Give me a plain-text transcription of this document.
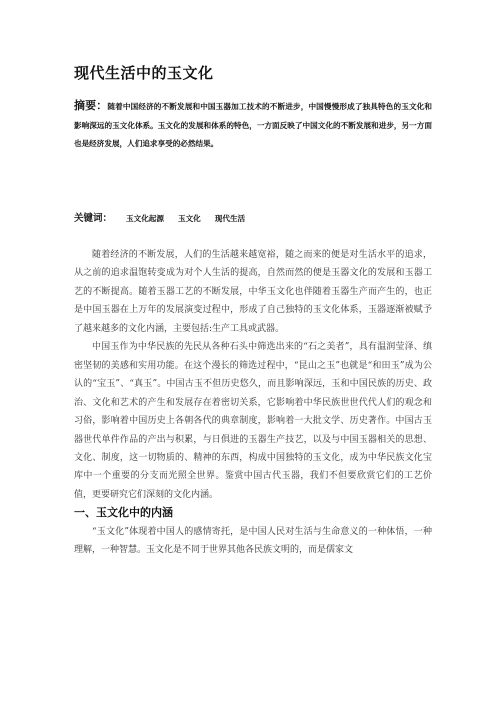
现代生活中的玉文化
摘要：随着中国经济的不断发展和中国玉器加工技术的不断进步，中国慢慢形成了独具特色的玉文化和影响深远的玉文化体系。玉文化的发展和体系的特色，一方面反映了中国文化的不断发展和进步，另一方面也是经济发展，人们追求享受的必然结果。
关键词： 玉文化起源 玉文化 现代生活

随着经济的不断发展，人们的生活越来越宽裕，随之而来的便是对生活水平的追求，从之前的追求温饱转变成为对个人生活的提高，自然而然的便是玉器文化的发展和玉器工艺的不断提高。随着玉器工艺的不断发展，中华玉文化也伴随着玉器生产而产生的，也正是中国玉器在上万年的发展演变过程中，形成了自己独特的玉文化体系，玉器逐渐被赋予了越来越多的文化内涵，主要包括:生产工具或武器。

中国玉作为中华民族的先民从各种石头中筛选出来的“石之美者”，具有温润莹泽、缜密坚韧的美感和实用功能。在这个漫长的筛选过程中，“昆山之玉”也就是“和田玉”成为公认的“宝玉”、“真玉”。中国古玉不但历史悠久，而且影响深远，玉和中国民族的历史、政治、文化和艺术的产生和发展存在着密切关系，它影响着中华民族世世代代人们的观念和习俗，影响着中国历史上各朝各代的典章制度，影响着一大批文学、历史著作。中国古玉器世代单件作品的产出与积累，与日俱进的玉器生产技艺，以及与中国玉器相关的思想、文化、制度，这一切物质的、精神的东西，构成中国独特的玉文化，成为中华民族文化宝库中一个重要的分支而光照全世界。鉴赏中国古代玉器，我们不但要欣赏它们的工艺价值，更要研究它们深刻的文化内涵。

一、玉文化中的内涵

“玉文化”体现着中国人的感情寄托，是中国人民对生活与生命意义的一种体悟，一种理解，一种智慧。玉文化是不同于世界其他各民族文明的，而是儒家文
